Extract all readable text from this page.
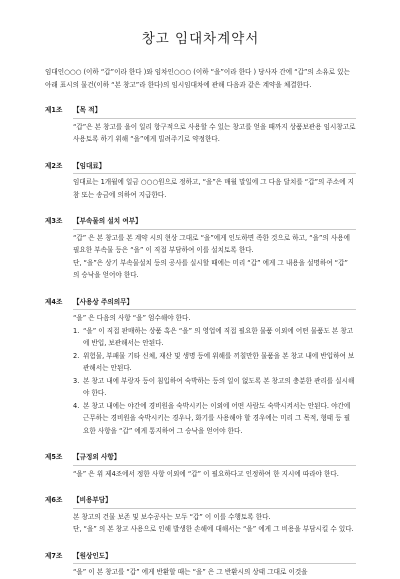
창고 임대차계약서
임대인○○○ (이하 “갑”이라 한다 )와 임차인○○○ (이하 “을”이라 한다 ) 당사자 간에 “갑”의 소유로 있는 아래 표시의 물건(이하 “본 창고”라 한다)의 임시임대차에 관해 다음과 같은 계약을 체결한다.
제1조	【목 적】

“갑”은 본 창고를 을이 일리 항구적으로 사용할 수 있는 창고를 얻을 때까지 상품보관용 임시창고로 사용토록 하기 위해 “을”에게 빌려주기로 약정한다.

제2조	【임대료】

임대료는 1개월에 일금 ○○○원으로 정하고, “을”은 매월 말일에 그 다음 달치를 “갑”의 주소에 지참 또는 송금에 의하여 지급한다.

제3조	【부속물의 설치 여부】

“갑” 은 본 창고를 본 계약 시의 현상 그대로 “을”에게 인도하면 족한 것으로 하고, “을”의 사용에 필요한 부속물 등은 “을” 이 직접 부담하여 이를 설치토록 한다.

단, “을”은 상기 부속물설치 등의 공사를 실시할 때에는 미리 “갑” 에게 그 내용을 설명하여 “갑” 의 승낙을 얻어야 한다.

제4조	【사용상 주의의무】

“을” 은 다음의 사항 “을” 엄수해야 한다.

1. “을” 이 직접 판매하는 상품 혹은 “을” 의 영업에 직접 필요한 물품 이외에 어떤 물품도 본 창고에 반입, 보관해서는 안된다.
2. 위험물, 부패물 기타 신체, 재산 및 생명 등에 위해를 끼칠만한 물품을 본 창고 내에 반입하여 보관해서는 안된다.
3. 본 창고 내에 부랑자 등이 침입하여 숙박하는 등의 일이 없도록 본 창고의 충분한 관리를 실시해야 한다.
4. 본 창고 내에는 야간에 경비원을 숙박시키는 이외에 어떤 사람도 숙박시켜서는 안된다. 야간에 근무하는 경비원을 숙박시키는 경우나, 화기를 사용해야 할 경우에는 미리 그 목적, 형태 등 필요한 사항을 “갑” 에게 통지하여 그 승낙을 얻어야 한다.
제5조	【규정외 사항】

“을” 은 위 제4조에서 정한 사항 이외에 “갑” 이 필요하다고 인정하여 한 지시에 따라야 한다.

제6조	【비용부담】

본 창고의 건물 보존 및 보수공사는 모두 “갑” 이 이를 수행토록 한다.

단, “을” 의 본 창고 사용으로 인해 발생한 손해에 대해서는 “을” 에게 그 비용을 부담시킬 수 있다.

제7조	【원상인도】

“을” 이 본 창고를 “갑” 에게 반환할 때는 “을” 은 그 반환시의 상태 그대로 이것을
